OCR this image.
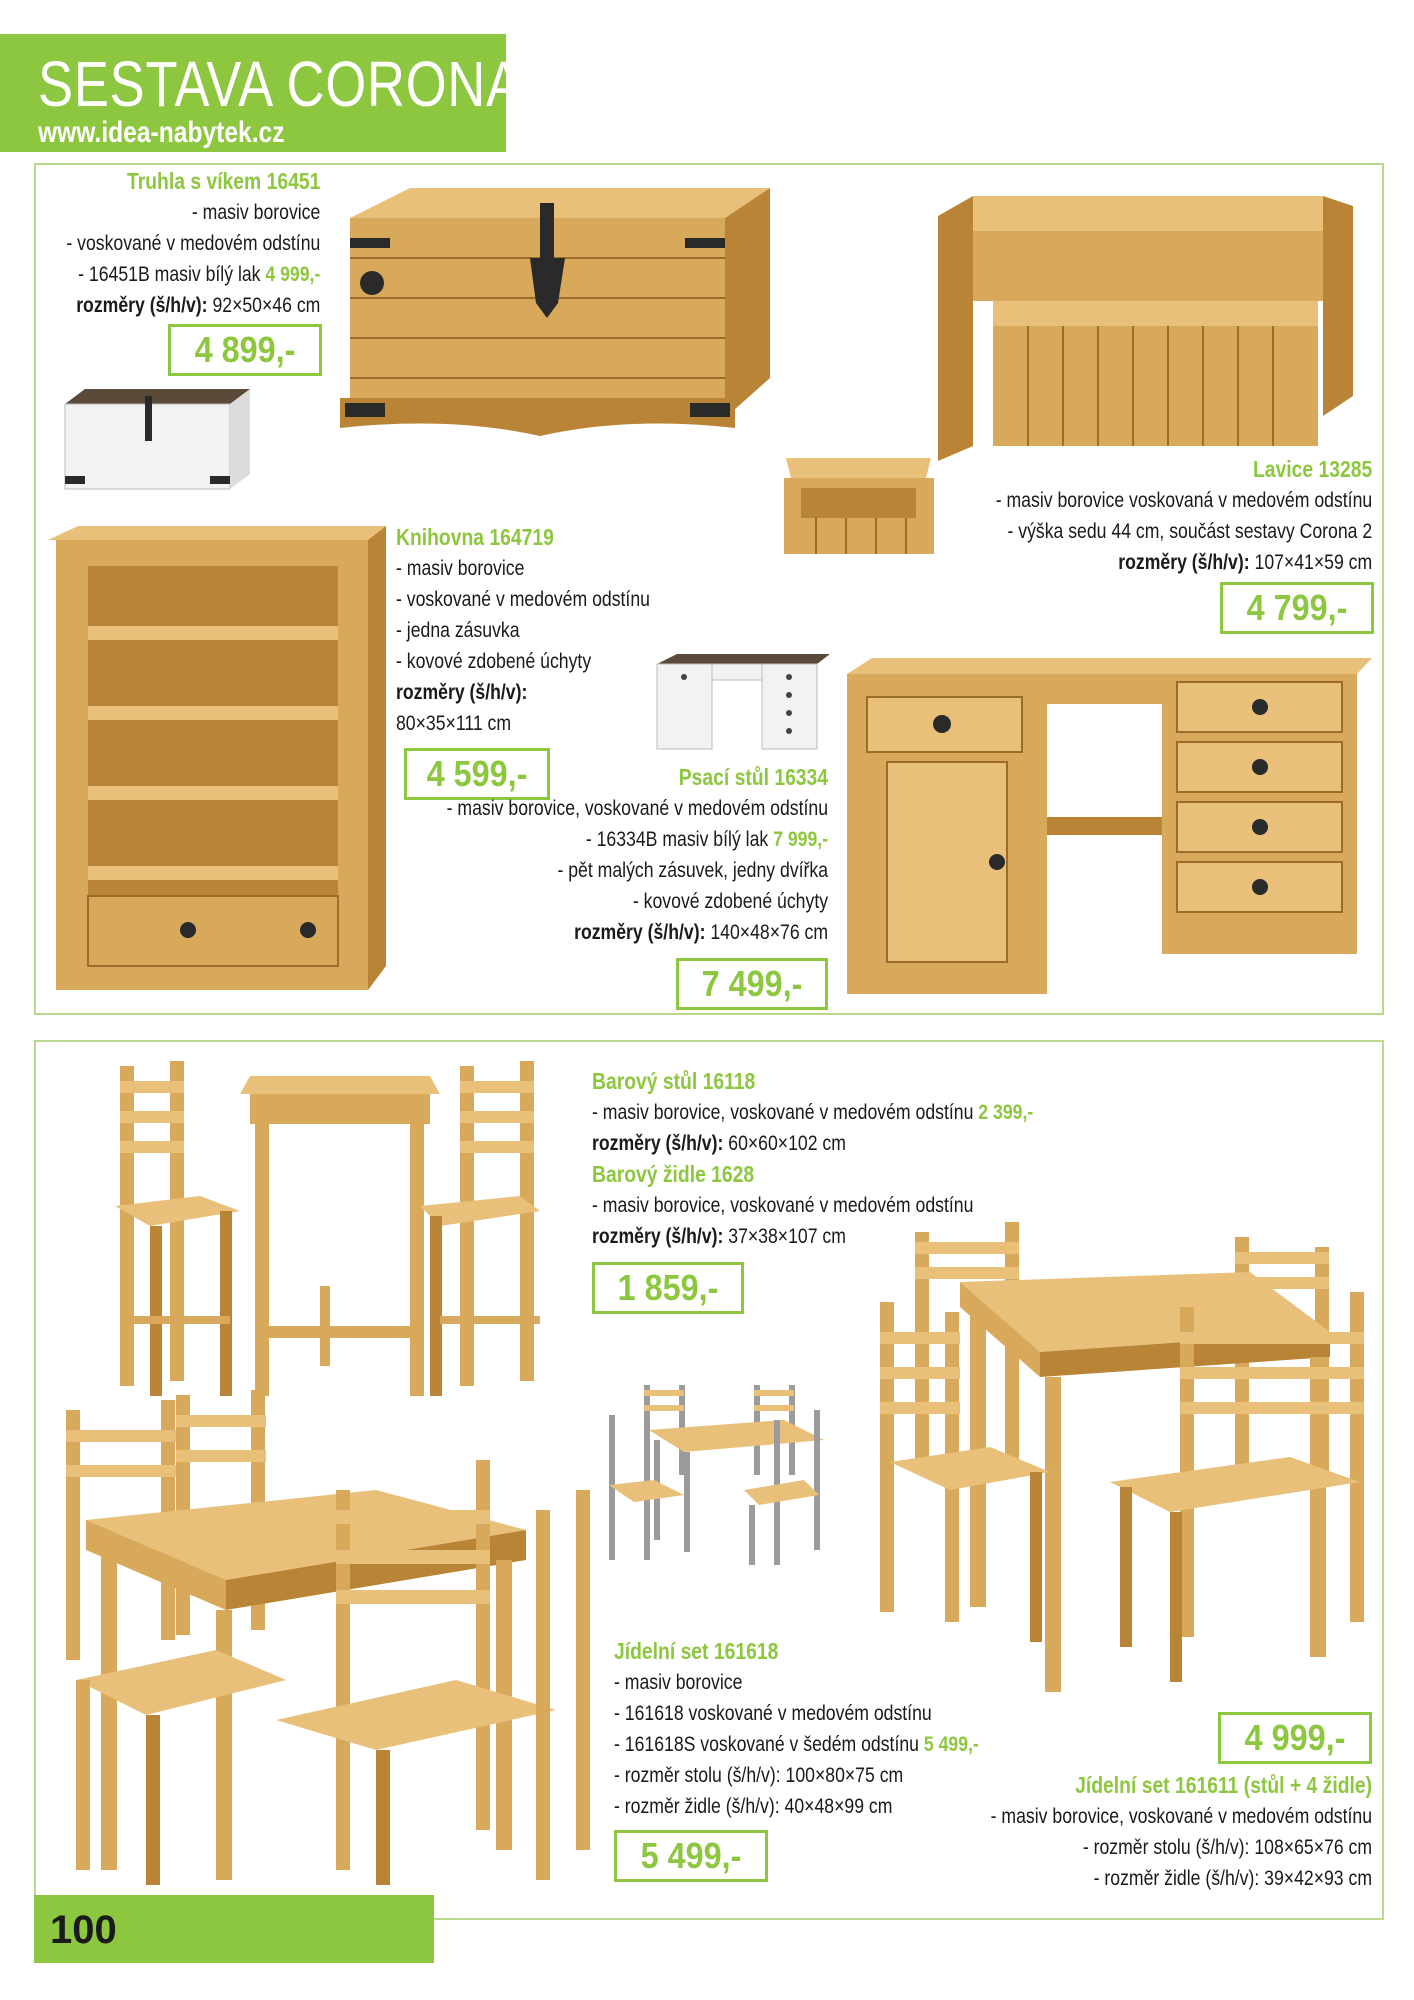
SESTAVA CORONA
www.idea-nabytek.cz
Truhla s víkem 16451
- masiv borovice
- voskované v medovém odstínu
- 16451B masiv bílý lak 4 999,-
rozměry (š/h/v): 92×50×46 cm
4 899,-
Lavice 13285
- masiv borovice voskovaná v medovém odstínu
- výška sedu 44 cm, součást sestavy Corona 2
rozměry (š/h/v): 107×41×59 cm
4 799,-
Knihovna 164719
- masiv borovice
- voskované v medovém odstínu
- jedna zásuvka
- kovové zdobené úchyty
rozměry (š/h/v):
80×35×111 cm
4 599,-	Psací stůl 16334
- masiv borovice, voskované v medovém odstínu
- 16334B masiv bílý lak 7 999,-
- pět malých zásuvek, jedny dvířka
- kovové zdobené úchyty
rozměry (š/h/v): 140×48×76 cm
7 499,-
Barový stůl 16118
- masiv borovice, voskované v medovém odstínu 2 399,-
rozměry (š/h/v): 60×60×102 cm
Barový židle 1628
- masiv borovice, voskované v medovém odstínu
rozměry (š/h/v): 37×38×107 cm
1 859,-
Jídelní set 161618
- masiv borovice
- 161618 voskované v medovém odstínu
- 161618S voskované v šedém odstínu 5 499,-
- rozměr stolu (š/h/v): 100×80×75 cm
- rozměr židle (š/h/v): 40×48×99 cm
5 499,-
4 999,-
Jídelní set 161611 (stůl + 4 židle)
- masiv borovice, voskované v medovém odstínu
- rozměr stolu (š/h/v): 108×65×76 cm
- rozměr židle (š/h/v): 39×42×93 cm
100
